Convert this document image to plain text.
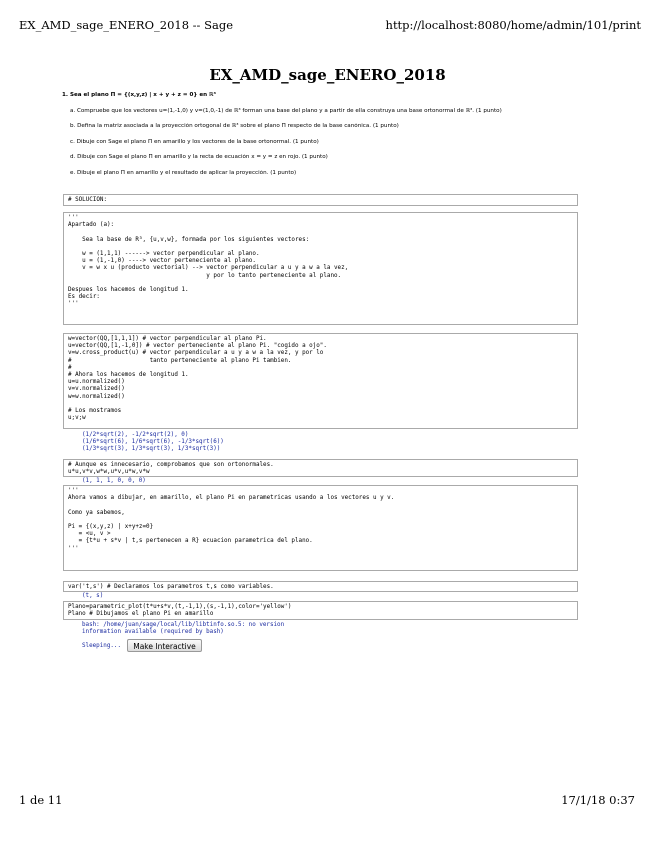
EX_AMD_sage_ENERO_2018 -- Sage	http://localhost:8080/home/admin/101/print
EX_AMD_sage_ENERO_2018
1. Sea el plano Π = {(x,y,z) | x + y + z = 0} en ℝ³
a. Compruebe que los vectores u=(1,-1,0) y v=(1,0,-1) de ℝ³ forman una base del plano y a partir de ella construya una base ortonormal de ℝ³. (1 punto)
b. Defina la matriz asociada a la proyección ortogonal de ℝ³ sobre el plano Π respecto de la base canónica. (1 punto)
c. Dibuje con Sage el plano Π en amarillo y los vectores de la base ortonormal. (1 punto)
d. Dibuje con Sage el plano Π en amarillo y la recta de ecuación x = y = z en rojo. (1 punto)
e. Dibuje el plano Π en amarillo y el resultado de aplicar la proyección. (1 punto)
# SOLUCION:
'''
Apartado (a):

Sea la base de R³, {u,v,w}, formada por los siguientes vectores:

w = (1,1,1) ------> vector perpendicular al plano.
u = (1,-1,0) ----> vector perteneciente al plano.
v = w x u (producto vectorial) --> vector perpendicular a u y a w a la vez,
y por lo tanto perteneciente al plano.

Despues los hacemos de longitud 1.
Es decir:
'''
w=vector(QQ,[1,1,1]) # vector perpendicular al plano Pi.
u=vector(QQ,[1,-1,0]) # vector perteneciente al plano Pi. "cogido a ojo".
v=w.cross_product(u) # vector perpendicular a u y a w a la vez, y por lo
#                      tanto perteneciente al plano Pi tambien.
#
# Ahora los hacemos de longitud 1.
u=u.normalized()
v=v.normalized()
w=w.normalized()

# Los mostramos
u;v;w
(1/2*sqrt(2), -1/2*sqrt(2), 0)
(1/6*sqrt(6), 1/6*sqrt(6), -1/3*sqrt(6))
(1/3*sqrt(3), 1/3*sqrt(3), 1/3*sqrt(3))
# Aunque es innecesario, comprobamos que son ortonormales.
u*u,v*v,w*w,u*v,u*w,v*w
(1, 1, 1, 0, 0, 0)
'''
Ahora vamos a dibujar, en amarillo, el plano Pi en parametricas usando a los vectores u y v.

Como ya sabemos,

Pi = {(x,y,z) | x+y+z=0}
= <u, v >
= {t*u + s*v | t,s pertenecen a R} ecuacion parametrica del plano.
'''
var('t,s') # Declaramos los parametros t,s como variables.
(t, s)
Plano=parametric_plot(t*u+s*v,(t,-1,1),(s,-1,1),color='yellow')
Plano # Dibujamos el plano Pi en amarillo
bash: /home/juan/sage/local/lib/libtinfo.so.5: no version
information available (required by bash)
Sleeping...	Make Interactive
1 de 11	17/1/18 0:37
